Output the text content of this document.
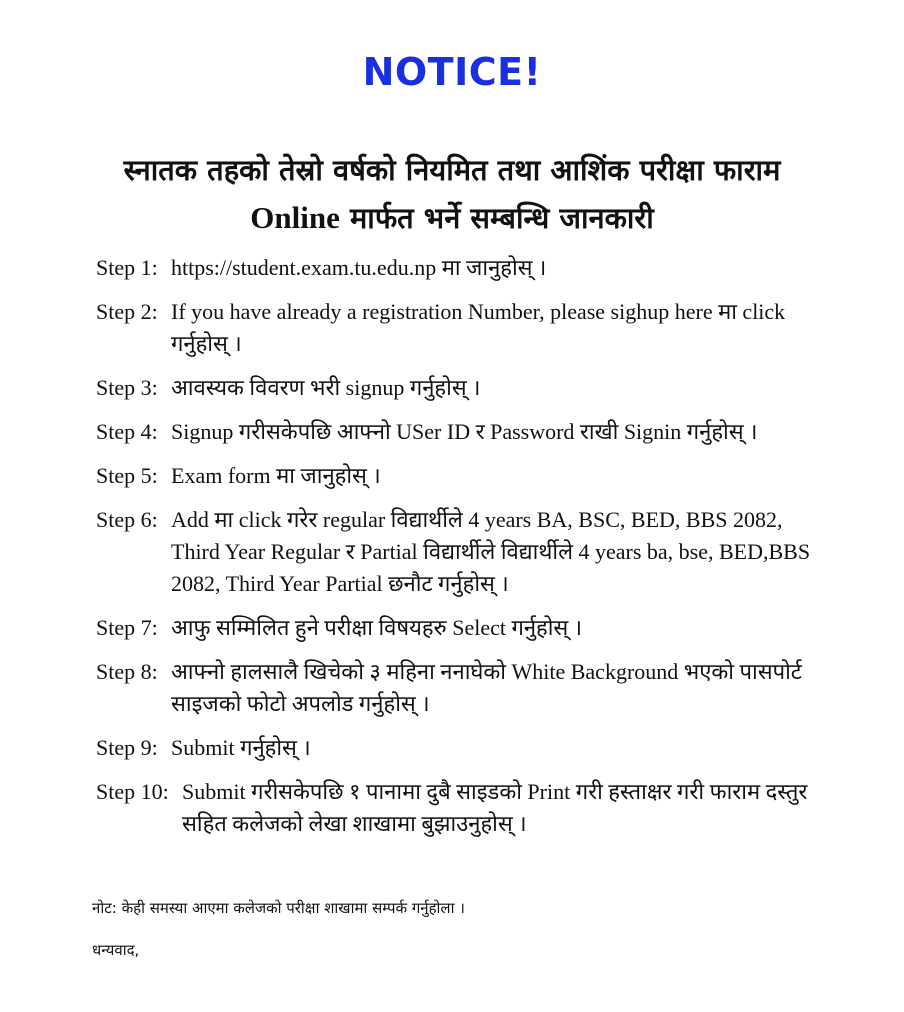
NOTICE!
स्नातक तहको तेस्रो वर्षको नियमित तथा आशिंक परीक्षा फाराम
Online मार्फत भर्ने सम्बन्धि जानकारी
Step 1: https://student.exam.tu.edu.np मा जानुहोस् ।
Step 2: If you have already a registration Number, please sighup here मा click गर्नुहोस् ।
Step 3: आवस्यक विवरण भरी signup गर्नुहोस् ।
Step 4: Signup गरीसकेपछि आफ्नो USer ID र Password राखी Signin गर्नुहोस् ।
Step 5: Exam form मा जानुहोस् ।
Step 6: Add मा click गरेर regular विद्यार्थीले 4 years BA, BSC, BED, BBS 2082, Third Year Regular र Partial विद्यार्थीले विद्यार्थीले 4 years ba, bse, BED,BBS 2082, Third Year Partial छनौट गर्नुहोस् ।
Step 7: आफु सम्मिलित हुने परीक्षा विषयहरु Select गर्नुहोस् ।
Step 8: आफ्नो हालसालै खिचेको ३ महिना ननाघेको White Background भएको पासपोर्ट साइजको फोटो अपलोड गर्नुहोस् ।
Step 9: Submit गर्नुहोस् ।
Step 10: Submit गरीसकेपछि १ पानामा दुबै साइडको Print गरी हस्ताक्षर गरी फाराम दस्तुर सहित कलेजको लेखा शाखामा बुझाउनुहोस् ।

नोट: केही समस्या आएमा कलेजको परीक्षा शाखामा सम्पर्क गर्नुहोला ।

धन्यवाद,
